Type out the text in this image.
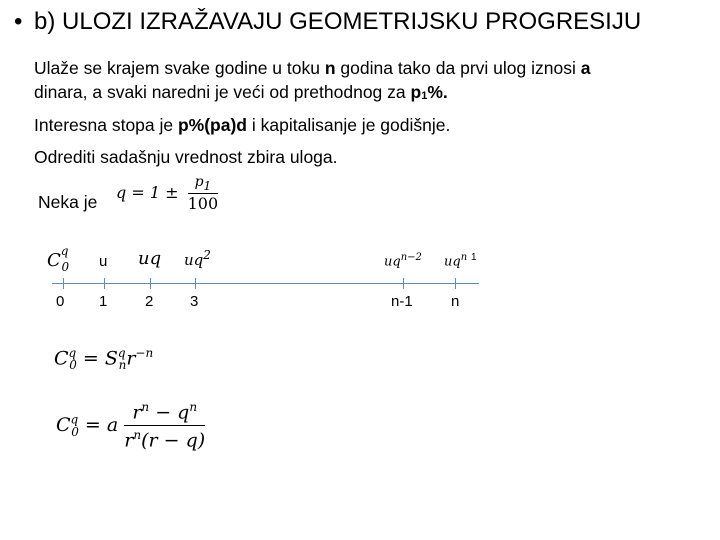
• b) ULOZI IZRAŽAVAJU GEOMETRIJSKU PROGRESIJU
Ulaže se krajem svake godine u toku n godina tako da prvi ulog iznosi a
dinara, a svaki naredni je veći od prethodnog za $p_1\%$.
Interesna stopa je p%(pa)d i kapitalisanje je godišnje.
Odrediti sadašnju vrednost zbira uloga.
Neka je $q = 1 \pm \frac{p_1}{100}$
$C^q_0$ u uq $uq^2$	$uq^{n-2}$ $uq^n$ 1
0 1	2 3	n-1	n
$C^q_0 = S^q_nr^{-n}$
$C^q_0 = a \frac{r^n - q^n}{r^n(r - q)}$
